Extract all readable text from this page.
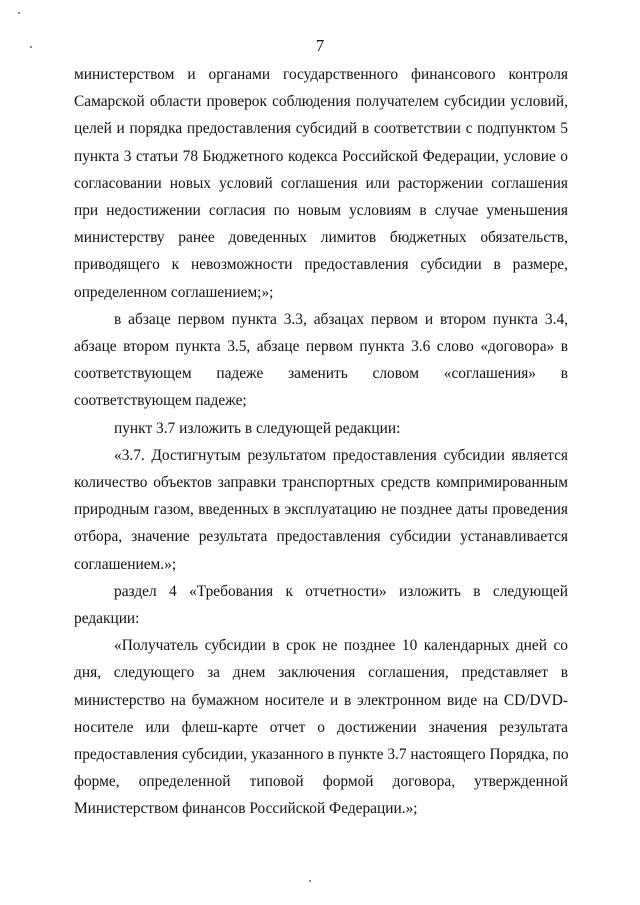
7
министерством и органами государственного финансового контроля
Самарской области проверок соблюдения получателем субсидии условий,
целей и порядка предоставления субсидий в соответствии с подпунктом 5
пункта 3 статьи 78 Бюджетного кодекса Российской Федерации, условие о
согласовании новых условий соглашения или расторжении соглашения
при недостижении согласия по новым условиям в случае уменьшения
министерству ранее доведенных лимитов бюджетных обязательств,
приводящего к невозможности предоставления субсидии в размере,
определенном соглашением;»;
в абзаце первом пункта 3.3, абзацах первом и втором пункта 3.4,
абзаце втором пункта 3.5, абзаце первом пункта 3.6 слово «договора» в
соответствующем падеже заменить словом «соглашения» в
соответствующем падеже;
пункт 3.7 изложить в следующей редакции:
«3.7. Достигнутым результатом предоставления субсидии является
количество объектов заправки транспортных средств компримированным
природным газом, введенных в эксплуатацию не позднее даты проведения
отбора, значение результата предоставления субсидии устанавливается
соглашением.»;
раздел 4 «Требования к отчетности» изложить в следующей
редакции:
«Получатель субсидии в срок не позднее 10 календарных дней со
дня, следующего за днем заключения соглашения, представляет в
министерство на бумажном носителе и в электронном виде на CD/DVD-
носителе или флеш-карте отчет о достижении значения результата
предоставления субсидии, указанного в пункте 3.7 настоящего Порядка, по
форме, определенной типовой формой договора, утвержденной
Министерством финансов Российской Федерации.»;
